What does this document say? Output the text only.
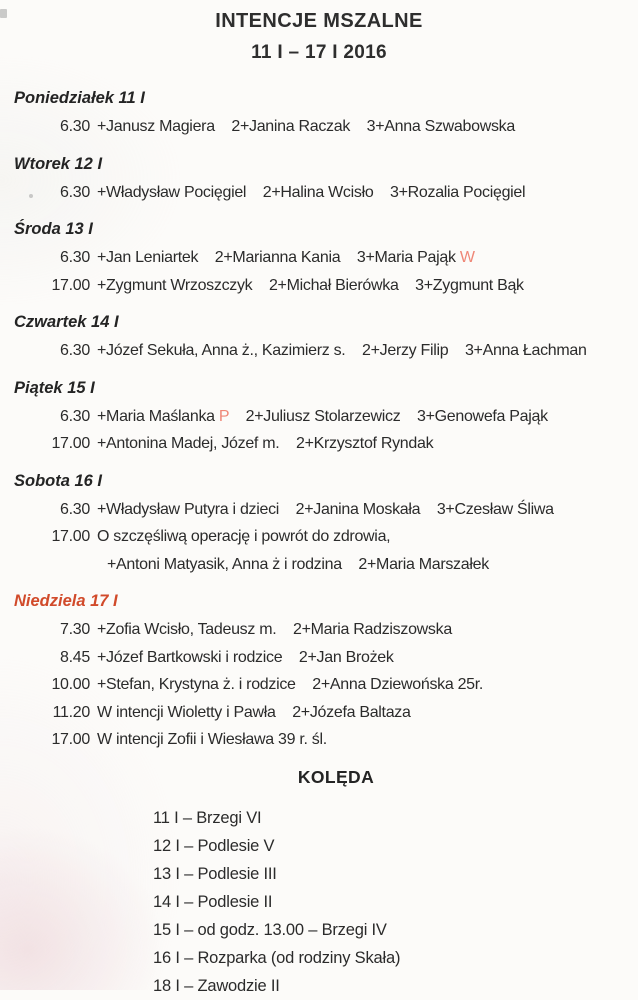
INTENCJE MSZALNE
11 I – 17 I 2016
Poniedziałek 11 I
6.30 +Janusz Magiera    2+Janina Raczak    3+Anna Szwabowska
Wtorek 12 I
6.30 +Władysław Pocięgiel    2+Halina Wcisło    3+Rozalia Pocięgiel
Środa 13 I
6.30 +Jan Leniartek    2+Marianna Kania    3+Maria Pająk W
17.00 +Zygmunt Wrzoszczyk    2+Michał Bierówka    3+Zygmunt Bąk
Czwartek 14 I
6.30 +Józef Sekuła, Anna ż., Kazimierz s.    2+Jerzy Filip    3+Anna Łachman
Piątek 15 I
6.30 +Maria Maślanka P    2+Juliusz Stolarzewicz    3+Genowefa Pająk
17.00 +Antonina Madej, Józef m.    2+Krzysztof Ryndak
Sobota 16 I
6.30 +Władysław Putyra i dzieci    2+Janina Moskała    3+Czesław Śliwa
17.00 O szczęśliwą operację i powrót do zdrowia,
+Antoni Matyasik, Anna ż i rodzina    2+Maria Marszałek
Niedziela 17 I
7.30 +Zofia Wcisło, Tadeusz m.    2+Maria Radziszowska
8.45 +Józef Bartkowski i rodzice    2+Jan Brożek
10.00 +Stefan, Krystyna ż. i rodzice    2+Anna Dziewońska 25r.
11.20 W intencji Wioletty i Pawła    2+Józefa Baltaza
17.00 W intencji Zofii i Wiesława 39 r. śl.
KOLĘDA
11 I – Brzegi VI
12 I – Podlesie V
13 I – Podlesie III
14 I – Podlesie II
15 I – od godz. 13.00 – Brzegi IV
16 I – Rozparka (od rodziny Skała)
18 I – Zawodzie II
